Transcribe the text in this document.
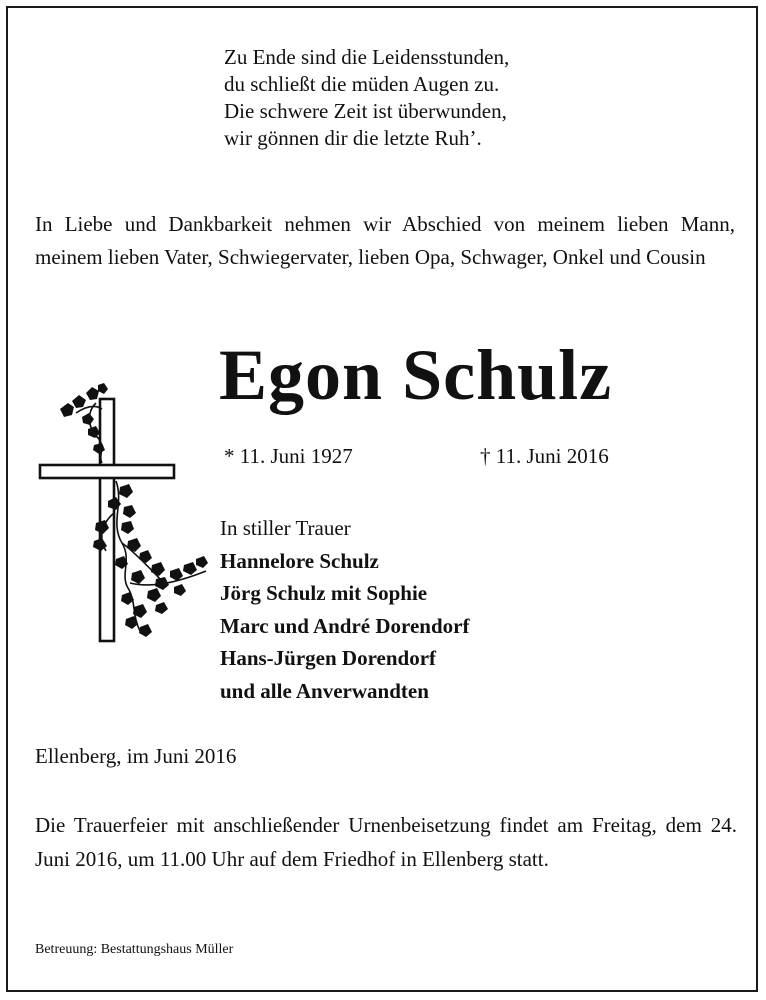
Zu Ende sind die Leidensstunden,
du schließt die müden Augen zu.
Die schwere Zeit ist überwunden,
wir gönnen dir die letzte Ruh’.
In Liebe und Dankbarkeit nehmen wir Abschied von meinem lieben Mann, meinem lieben Vater, Schwiegervater, lieben Opa, Schwager, Onkel und Cousin
Egon Schulz
* 11. Juni 1927	† 11. Juni 2016
In stiller Trauer
Hannelore Schulz
Jörg Schulz mit Sophie
Marc und André Dorendorf
Hans-Jürgen Dorendorf
und alle Anverwandten
Ellenberg, im Juni 2016
Die Trauerfeier mit anschließender Urnenbeisetzung findet am Freitag, dem 24. Juni 2016, um 11.00 Uhr auf dem Friedhof in Ellenberg statt.
Betreuung: Bestattungshaus Müller
